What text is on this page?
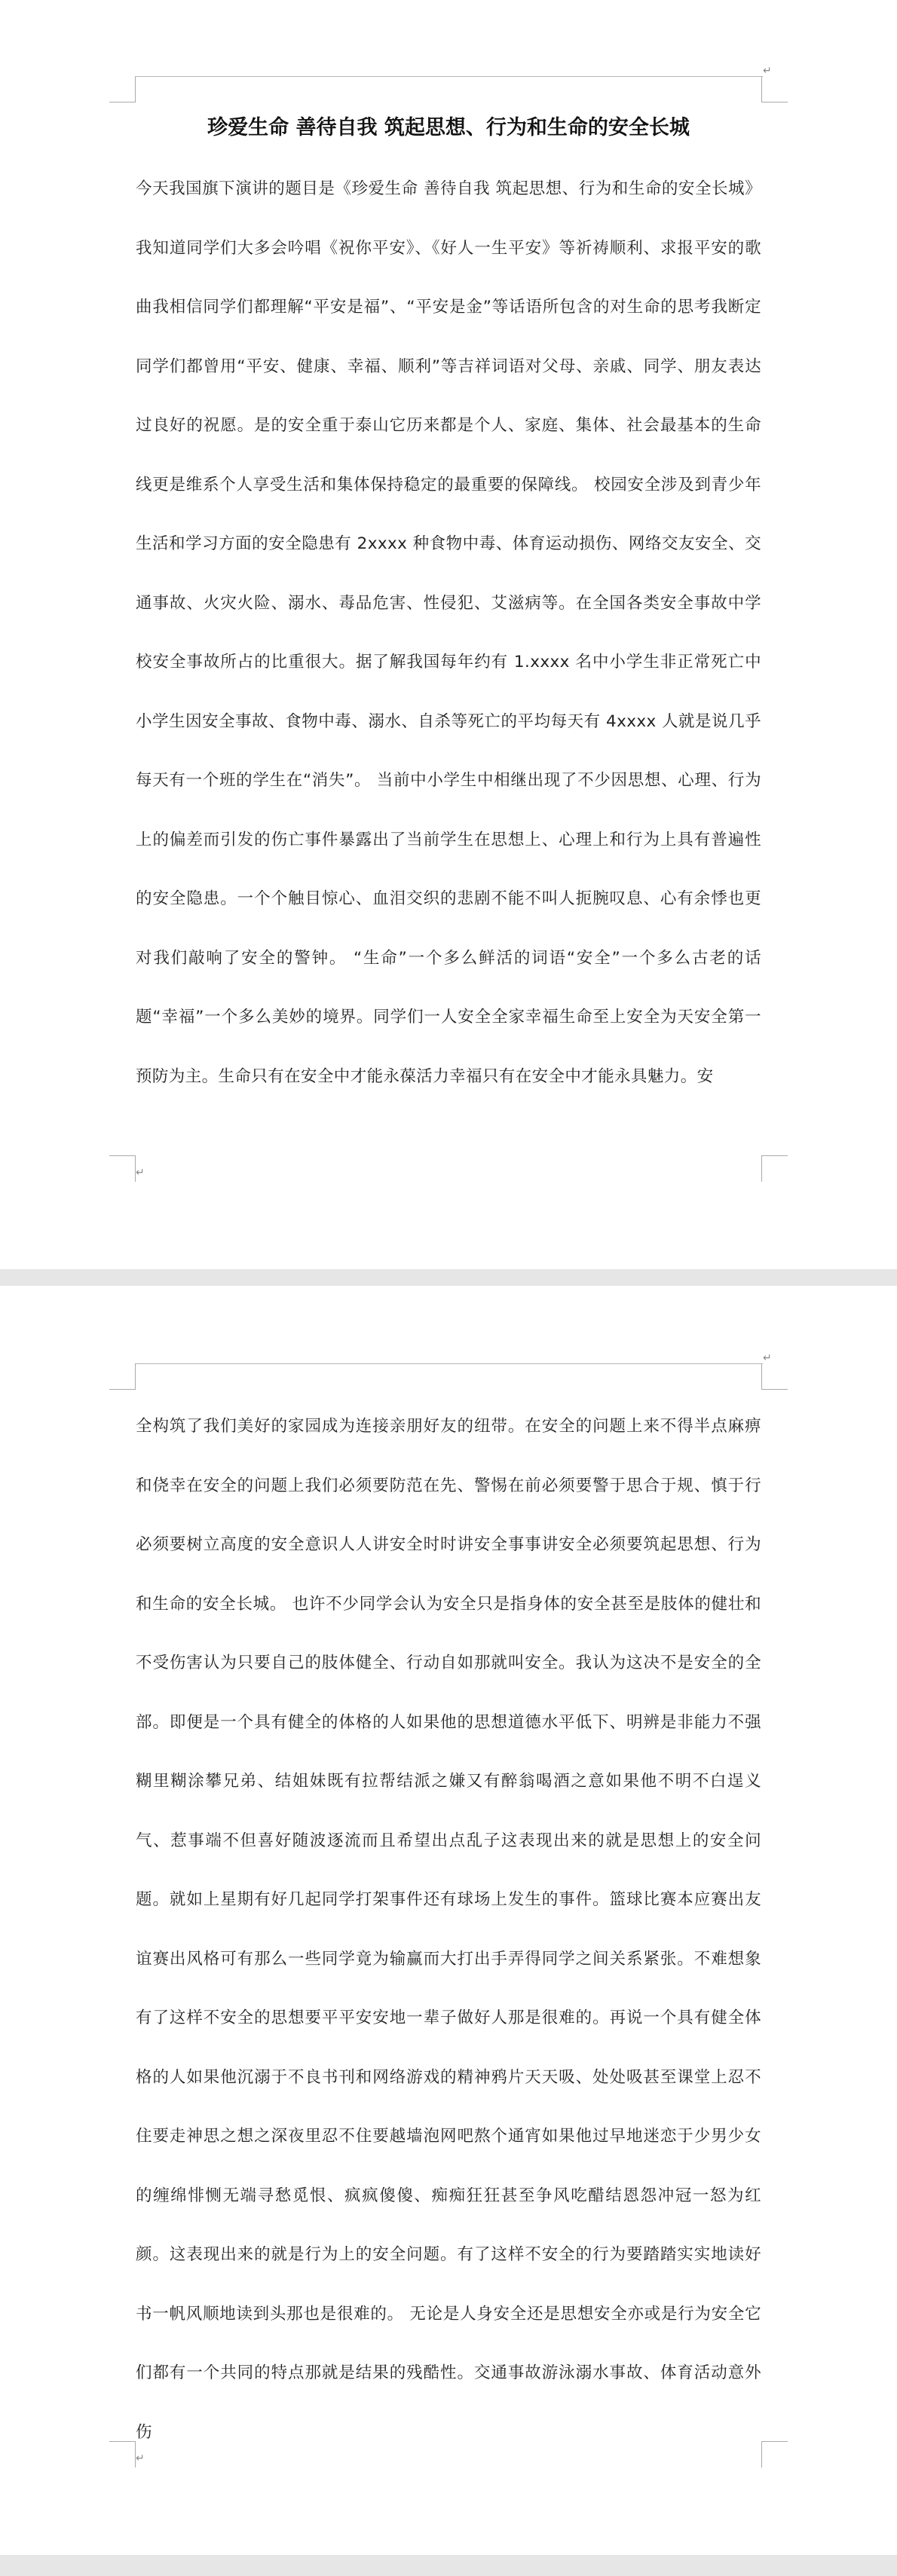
↵
珍爱生命 善待自我 筑起思想、行为和生命的安全长城

今天我国旗下演讲的题目是《珍爱生命 善待自我 筑起思想、行为和生命的安全长城》 我知道同学们大多会吟唱《祝你平安》、《好人一生平安》等祈祷顺利、求报平安的歌曲我相信同学们都理解“平安是福”、“平安是金”等话语所包含的对生命的思考我断定同学们都曾用“平安、健康、幸福、顺利”等吉祥词语对父母、亲戚、同学、朋友表达过良好的祝愿。是的安全重于泰山它历来都是个人、家庭、集体、社会最基本的生命线更是维系个人享受生活和集体保持稳定的最重要的保障线。 校园安全涉及到青少年生活和学习方面的安全隐患有 2xxxx 种食物中毒、体育运动损伤、网络交友安全、交通事故、火灾火险、溺水、毒品危害、性侵犯、艾滋病等。在全国各类安全事故中学校安全事故所占的比重很大。据了解我国每年约有 1.xxxx 名中小学生非正常死亡中小学生因安全事故、食物中毒、溺水、自杀等死亡的平均每天有 4xxxx 人就是说几乎每天有一个班的学生在“消失”。 当前中小学生中相继出现了不少因思想、心理、行为上的偏差而引发的伤亡事件暴露出了当前学生在思想上、心理上和行为上具有普遍性的安全隐患。一个个触目惊心、血泪交织的悲剧不能不叫人扼腕叹息、心有余悸也更对我们敲响了安全的警钟。 “生命”一个多么鲜活的词语“安全”一个多么古老的话题“幸福”一个多么美妙的境界。同学们一人安全全家幸福生命至上安全为天安全第一预防为主。生命只有在安全中才能永葆活力幸福只有在安全中才能永具魅力。安

↵
↵

全构筑了我们美好的家园成为连接亲朋好友的纽带。在安全的问题上来不得半点麻痹和侥幸在安全的问题上我们必须要防范在先、警惕在前必须要警于思合于规、慎于行必须要树立高度的安全意识人人讲安全时时讲安全事事讲安全必须要筑起思想、行为和生命的安全长城。 也许不少同学会认为安全只是指身体的安全甚至是肢体的健壮和不受伤害认为只要自己的肢体健全、行动自如那就叫安全。我认为这决不是安全的全部。即便是一个具有健全的体格的人如果他的思想道德水平低下、明辨是非能力不强糊里糊涂攀兄弟、结姐妹既有拉帮结派之嫌又有醉翁喝酒之意如果他不明不白逞义气、惹事端不但喜好随波逐流而且希望出点乱子这表现出来的就是思想上的安全问题。就如上星期有好几起同学打架事件还有球场上发生的事件。篮球比赛本应赛出友谊赛出风格可有那么一些同学竟为输赢而大打出手弄得同学之间关系紧张。不难想象有了这样不安全的思想要平平安安地一辈子做好人那是很难的。再说一个具有健全体格的人如果他沉溺于不良书刊和网络游戏的精神鸦片天天吸、处处吸甚至课堂上忍不住要走神思之想之深夜里忍不住要越墙泡网吧熬个通宵如果他过早地迷恋于少男少女的缠绵悱恻无端寻愁觅恨、疯疯傻傻、痴痴狂狂甚至争风吃醋结恩怨冲冠一怒为红颜。这表现出来的就是行为上的安全问题。有了这样不安全的行为要踏踏实实地读好书一帆风顺地读到头那也是很难的。 无论是人身安全还是思想安全亦或是行为安全它们都有一个共同的特点那就是结果的残酷性。交通事故游泳溺水事故、体育活动意外伤

↵
